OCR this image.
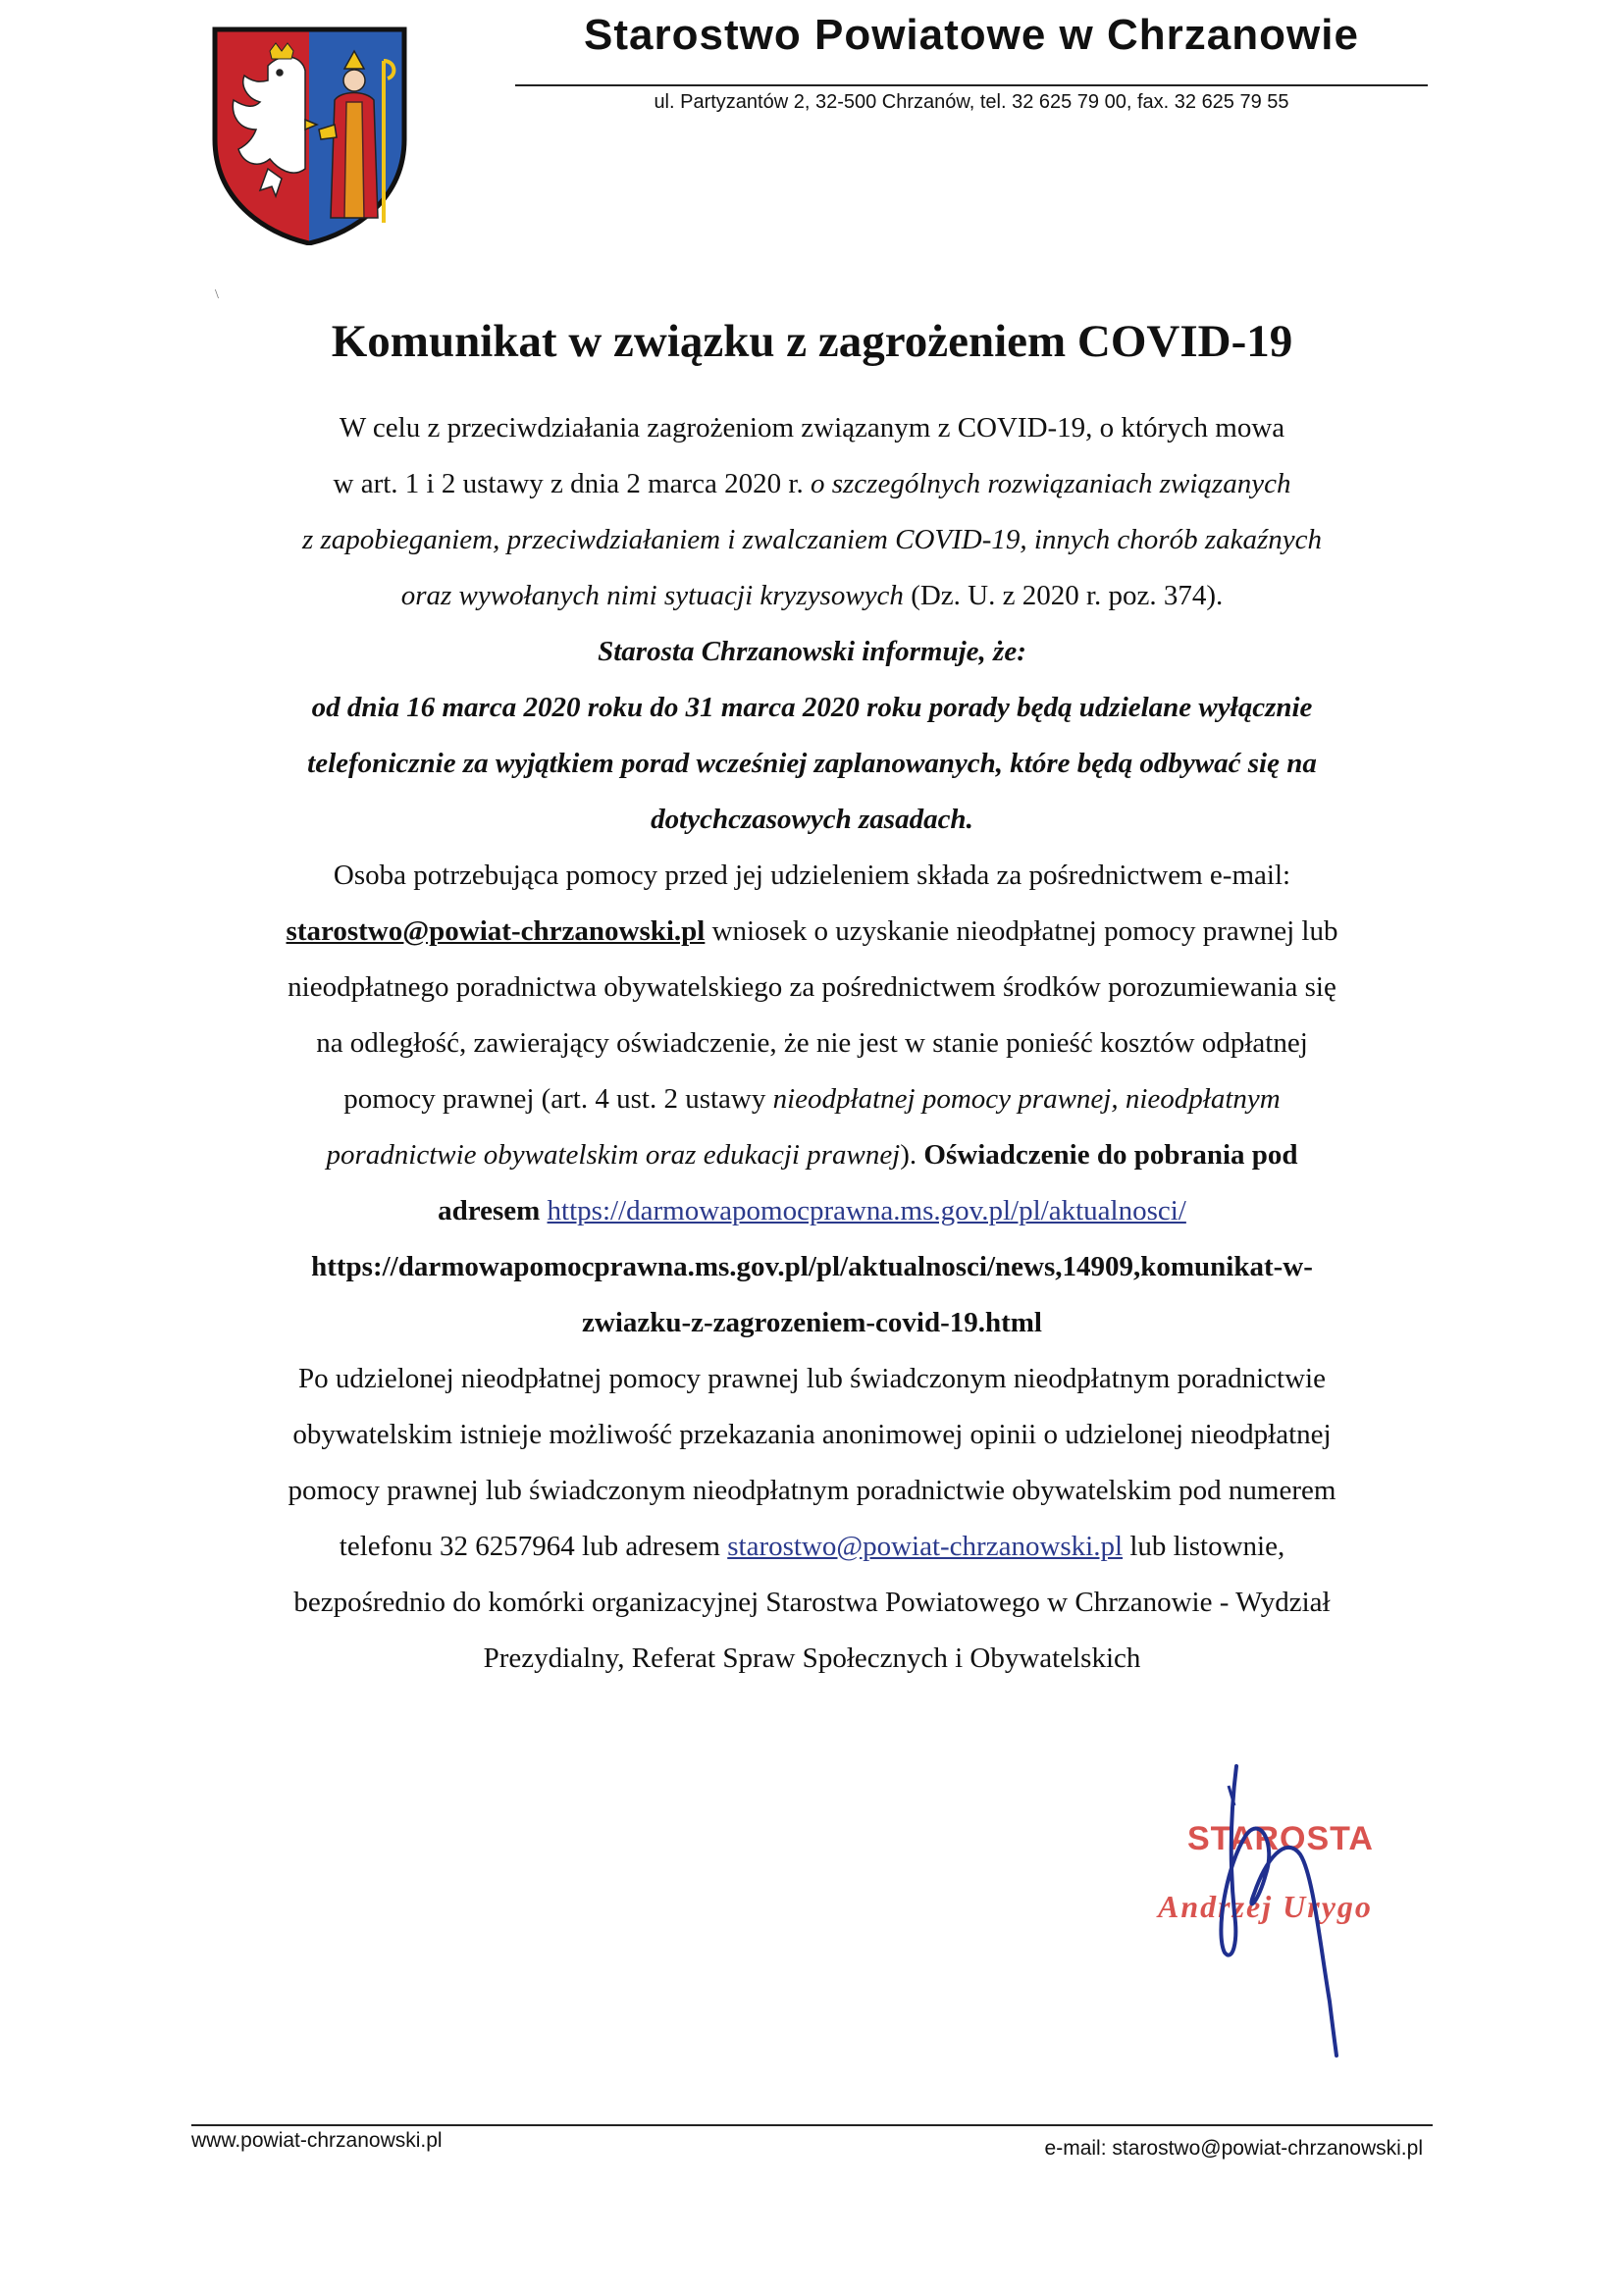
Starostwo Powiatowe w Chrzanowie
ul. Partyzantów 2, 32-500 Chrzanów, tel. 32 625 79 00, fax. 32 625 79 55
\
Komunikat w związku z zagrożeniem COVID-19

W celu z przeciwdziałania zagrożeniom związanym z COVID-19, o których mowa

w art. 1 i 2 ustawy z dnia 2 marca 2020 r. o szczególnych rozwiązaniach związanych

z zapobieganiem, przeciwdziałaniem i zwalczaniem COVID-19, innych chorób zakaźnych

oraz wywołanych nimi sytuacji kryzysowych (Dz. U. z 2020 r. poz. 374).

Starosta Chrzanowski informuje, że:

od dnia 16 marca 2020 roku do 31 marca 2020 roku porady będą udzielane wyłącznie

telefonicznie za wyjątkiem porad wcześniej zaplanowanych, które będą odbywać się na

dotychczasowych zasadach.

Osoba potrzebująca pomocy przed jej udzieleniem składa za pośrednictwem e-mail:

starostwo@powiat-chrzanowski.pl wniosek o uzyskanie nieodpłatnej pomocy prawnej lub

nieodpłatnego poradnictwa obywatelskiego za pośrednictwem środków porozumiewania się

na odległość, zawierający oświadczenie, że nie jest w stanie ponieść kosztów odpłatnej

pomocy prawnej (art. 4 ust. 2 ustawy nieodpłatnej pomocy prawnej, nieodpłatnym

poradnictwie obywatelskim oraz edukacji prawnej). Oświadczenie do pobrania pod

adresem https://darmowapomocprawna.ms.gov.pl/pl/aktualnosci/

https://darmowapomocprawna.ms.gov.pl/pl/aktualnosci/news,14909,komunikat-w-

zwiazku-z-zagrozeniem-covid-19.html

Po udzielonej nieodpłatnej pomocy prawnej lub świadczonym nieodpłatnym poradnictwie

obywatelskim istnieje możliwość przekazania anonimowej opinii o udzielonej nieodpłatnej

pomocy prawnej lub świadczonym nieodpłatnym poradnictwie obywatelskim pod numerem

telefonu 32 6257964 lub adresem starostwo@powiat-chrzanowski.pl lub listownie,

bezpośrednio do komórki organizacyjnej Starostwa Powiatowego w Chrzanowie - Wydział

Prezydialny, Referat Spraw Społecznych i Obywatelskich

STAROSTA
Andrzej Urygo
www.powiat-chrzanowski.pl	e-mail: starostwo@powiat-chrzanowski.pl
